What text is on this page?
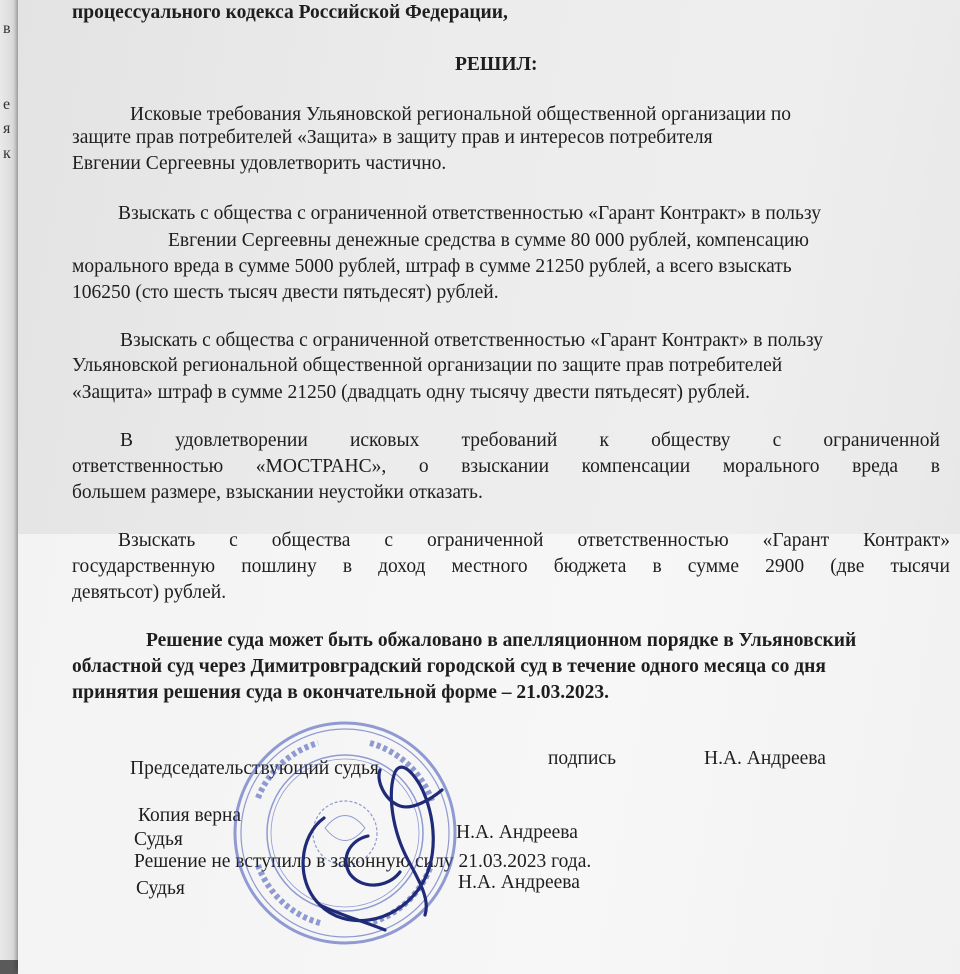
в
е
я
к
процессуального кодекса Российской Федерации,
РЕШИЛ:
Исковые требования Ульяновской региональной общественной организации по
защите прав потребителей «Защита» в защиту прав и интересов потребителя
Евгении Сергеевны удовлетворить частично.
Взыскать с общества с ограниченной ответственностью «Гарант Контракт» в пользу
Евгении Сергеевны денежные средства в сумме 80 000 рублей, компенсацию
морального вреда в сумме 5000 рублей, штраф в сумме 21250 рублей, а всего взыскать
106250 (сто шесть тысяч двести пятьдесят) рублей.
Взыскать с общества с ограниченной ответственностью «Гарант Контракт» в пользу
Ульяновской региональной общественной организации по защите прав потребителей
«Защита» штраф в сумме 21250 (двадцать одну тысячу двести пятьдесят) рублей.
В удовлетворении исковых требований к обществу с ограниченной
ответственностью «МОСТРАНС», о взыскании компенсации морального вреда в
большем размере, взыскании неустойки отказать.
Взыскать с общества с ограниченной ответственностью «Гарант Контракт»
государственную пошлину в доход местного бюджета в сумме 2900 (две тысячи
девятьсот) рублей.
Решение суда может быть обжаловано в апелляционном порядке в Ульяновский
областной суд через Димитровградский городской суд в течение одного месяца со дня
принятия решения суда в окончательной форме – 21.03.2023.
Председательствующий судья	подпись	Н.А. Андреева
Копия верна
Судья	Н.А. Андреева
Решение не вступило в законную силу 21.03.2023 года.
Судья	Н.А. Андреева
